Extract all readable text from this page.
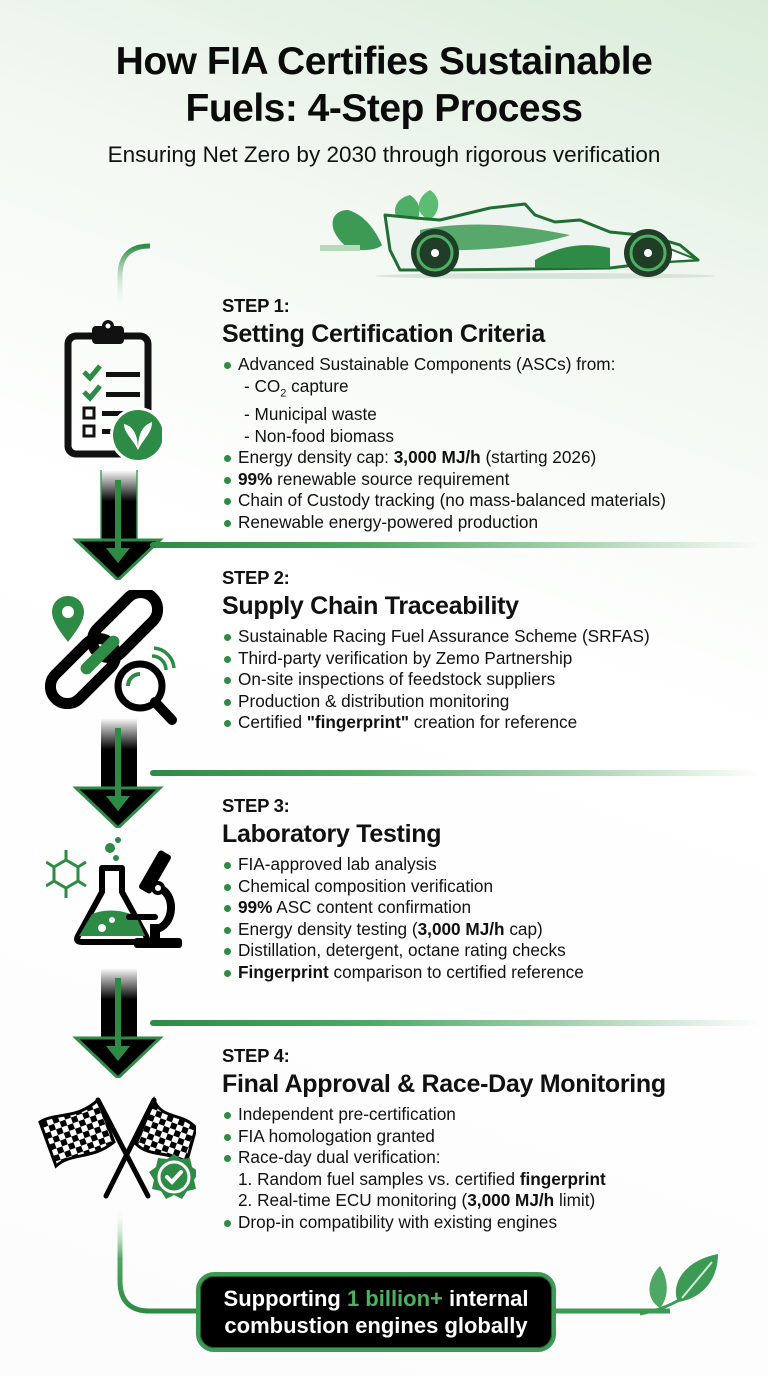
How FIA Certifies Sustainable
Fuels: 4-Step Process
Ensuring Net Zero by 2030 through rigorous verification
STEP 1:
Setting Certification Criteria
Advanced Sustainable Components (ASCs) from:
- $CO_2$ capture
- Municipal waste
- Non-food biomass
Energy density cap: 3,000 MJ/h (starting 2026)
99% renewable source requirement
Chain of Custody tracking (no mass-balanced materials)
Renewable energy-powered production
STEP 2:
Supply Chain Traceability
Sustainable Racing Fuel Assurance Scheme (SRFAS)
Third-party verification by Zemo Partnership
On-site inspections of feedstock suppliers
Production & distribution monitoring
Certified "fingerprint" creation for reference
STEP 3:
Laboratory Testing
FIA-approved lab analysis
Chemical composition verification
99% ASC content confirmation
Energy density testing (3,000 MJ/h cap)
Distillation, detergent, octane rating checks
Fingerprint comparison to certified reference
STEP 4:
Final Approval & Race-Day Monitoring
Independent pre-certification
FIA homologation granted
Race-day dual verification:
1. Random fuel samples vs. certified fingerprint
2. Real-time ECU monitoring (3,000 MJ/h limit)
Drop-in compatibility with existing engines
Supporting 1 billion+ internal
combustion engines globally
